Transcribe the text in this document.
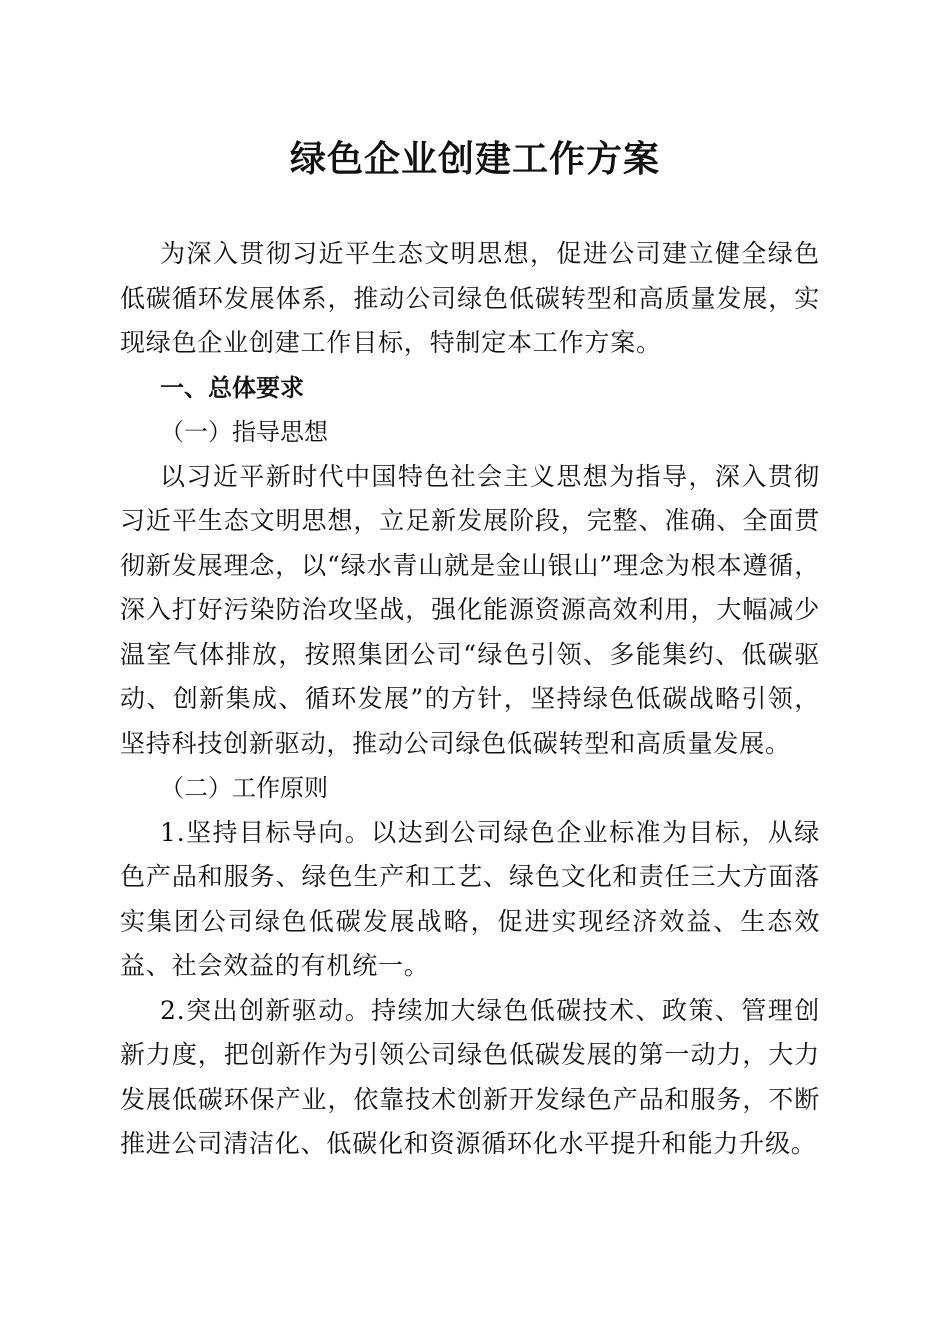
绿色企业创建工作方案

为深入贯彻习近平生态文明思想，促进公司建立健全绿色低碳循环发展体系，推动公司绿色低碳转型和高质量发展，实现绿色企业创建工作目标，特制定本工作方案。

一、总体要求

（一）指导思想

以习近平新时代中国特色社会主义思想为指导，深入贯彻习近平生态文明思想，立足新发展阶段，完整、准确、全面贯彻新发展理念，以“绿水青山就是金山银山”理念为根本遵循，深入打好污染防治攻坚战，强化能源资源高效利用，大幅减少温室气体排放，按照集团公司“绿色引领、多能集约、低碳驱动、创新集成、循环发展”的方针，坚持绿色低碳战略引领，坚持科技创新驱动，推动公司绿色低碳转型和高质量发展。

（二）工作原则

1.坚持目标导向。以达到公司绿色企业标准为目标，从绿色产品和服务、绿色生产和工艺、绿色文化和责任三大方面落实集团公司绿色低碳发展战略，促进实现经济效益、生态效益、社会效益的有机统一。

2.突出创新驱动。持续加大绿色低碳技术、政策、管理创新力度，把创新作为引领公司绿色低碳发展的第一动力，大力发展低碳环保产业，依靠技术创新开发绿色产品和服务，不断推进公司清洁化、低碳化和资源循环化水平提升和能力升级。
